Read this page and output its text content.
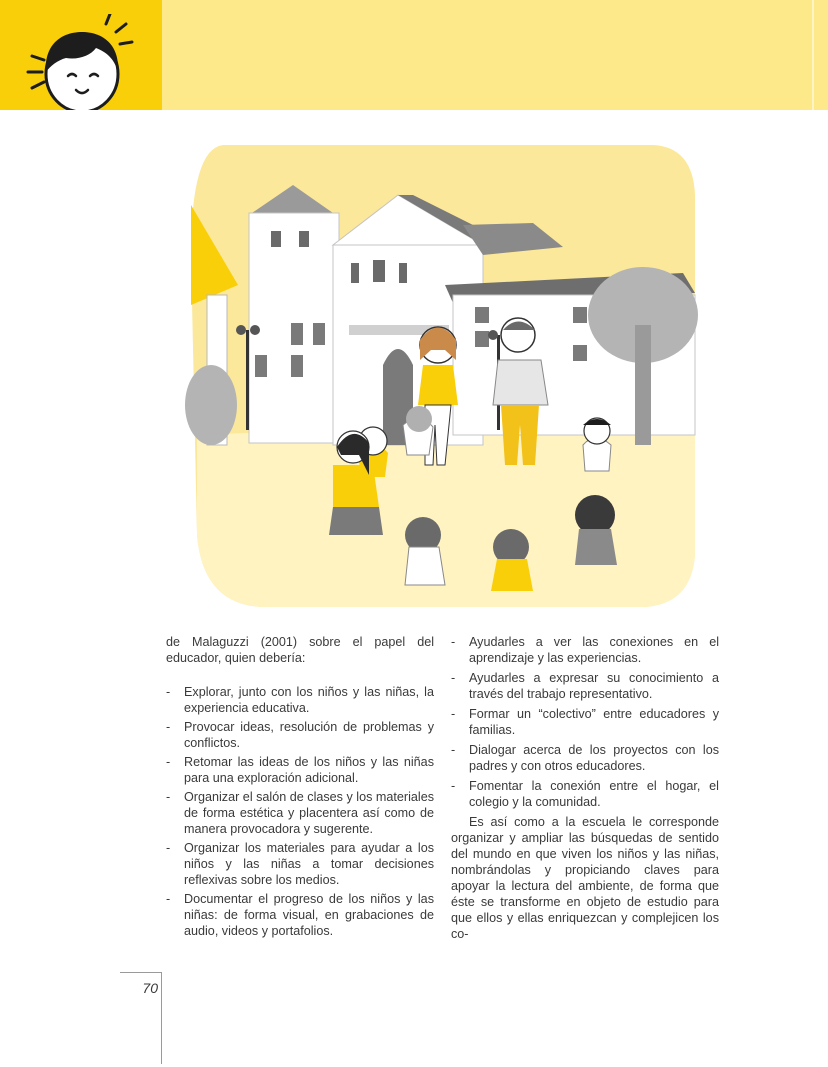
de Malaguzzi (2001) sobre el papel del educador, quien debería:

- Explorar, junto con los niños y las niñas, la experiencia educativa.
- Provocar ideas, resolución de problemas y conflictos.
- Retomar las ideas de los niños y las niñas para una exploración adicional.
- Organizar el salón de clases y los materiales de forma estética y placentera así como de manera provocadora y sugerente.
- Organizar los materiales para ayudar a los niños y las niñas a tomar decisiones reflexivas sobre los medios.
- Documentar el progreso de los niños y las niñas: de forma visual, en grabaciones de audio, videos y portafolios.
- Ayudarles a ver las conexiones en el aprendizaje y las experiencias.
- Ayudarles a expresar su conocimiento a través del trabajo representativo.
- Formar un “colectivo” entre educadores y familias.
- Dialogar acerca de los proyectos con los padres y con otros educadores.
- Fomentar la conexión entre el hogar, el colegio y la comunidad.

Es así como a la escuela le corresponde organizar y ampliar las búsquedas de sentido del mundo en que viven los niños y las niñas, nombrándolas y propiciando claves para apoyar la lectura del ambiente, de forma que éste se transforme en objeto de estudio para que ellos y ellas enriquezcan y complejicen los co-

70
